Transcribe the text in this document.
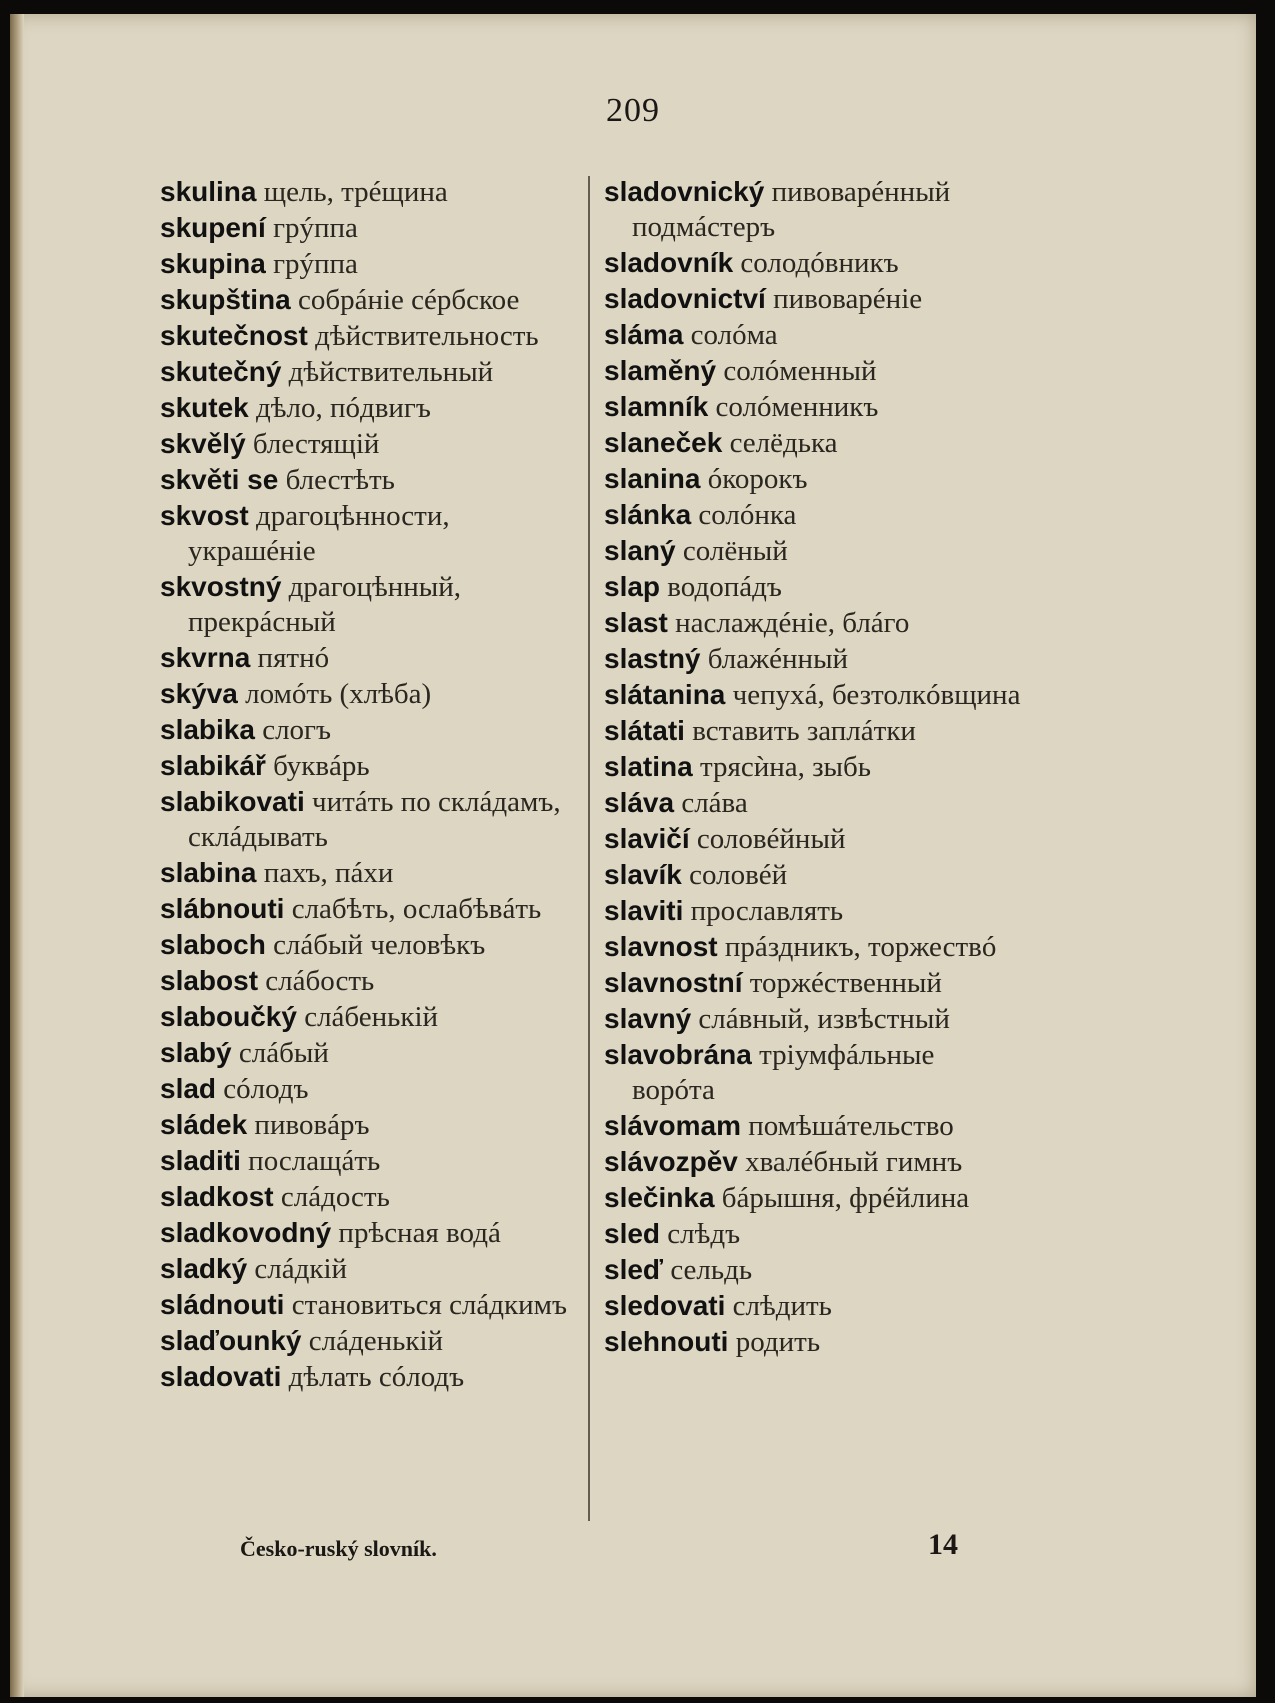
209

skulina щель, трéщина

skupení грýппа

skupina грýппа

skupština собрáніе сéрбское

skutečnost дѣйствительность

skutečný дѣйствительный

skutek дѣло, пóдвигъ

skvělý блестящій

skvěti se блестѣть

skvost драгоцѣнности, украшéніе

skvostný драгоцѣнный, прекрáсный

skvrna пятнó

skýva ломóть (хлѣба)

slabika слогъ

slabikář буквáрь

slabikovati читáть по склáдамъ, склáдывать

slabina пахъ, пáхи

slábnouti слабѣть, ослабѣвáть

slaboch слáбый человѣкъ

slabost слáбость

slaboučký слáбенькій

slabý слáбый

slad сóлодъ

sládek пивовáръ

sladiti послащáть

sladkost слáдость

sladkovodný прѣсная водá

sladký слáдкій

sládnouti становиться слáдкимъ

slaďounký слáденькій

sladovati дѣлать сóлодъ

sladovnický пивоварéнный подмáстеръ

sladovník солодóвникъ

sladovnictví пивоварéніе

sláma солóма

slaměný солóменный

slamník солóменникъ

slaneček селёдька

slanina óкорокъ

slánka солóнка

slaný солёный

slap водопáдъ

slast наслаждéніе, блáго

slastný блажéнный

slátanina чепухá, безтолкóвщина

slátati вставить заплáтки

slatina трясѝна, зыбь

sláva слáва

slavičí соловéйный

slavík соловéй

slaviti прославлять

slavnost прáздникъ, торжествó

slavnostní торжéственный

slavný слáвный, извѣстный

slavobrána тріумфáльные ворóта

slávomam помѣшáтельство

slávozpěv хвалéбный гимнъ

slečinka бáрышня, фрéйлина

sled слѣдъ

sleď сельдь

sledovati слѣдить

slehnouti родить

Česko-ruský slovník.	14
